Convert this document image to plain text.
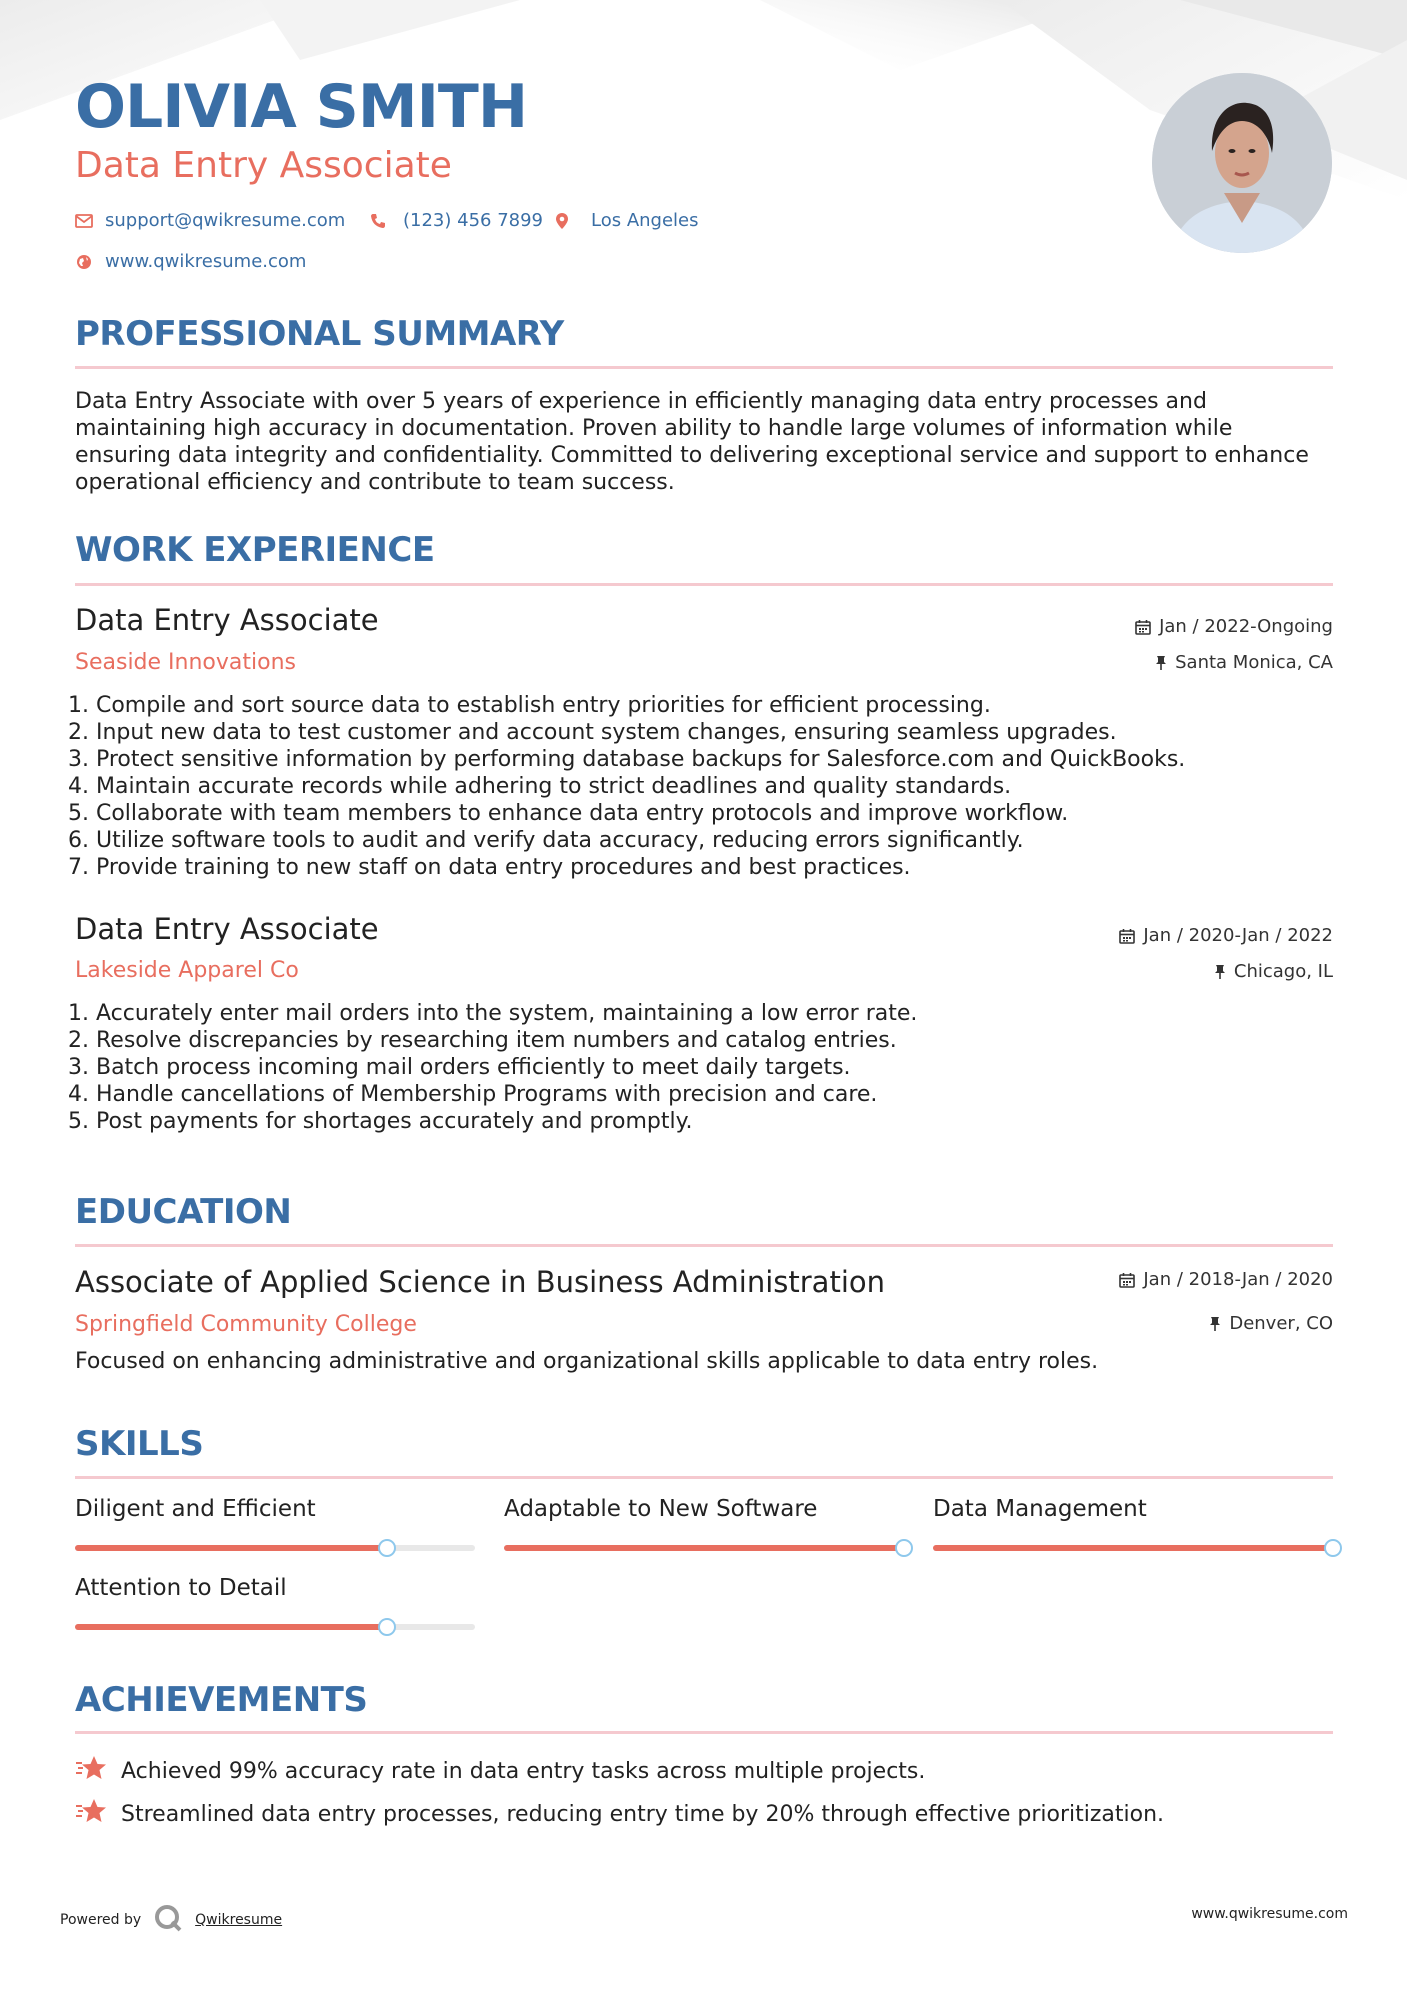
OLIVIA SMITH
Data Entry Associate
support@qwikresume.com	(123) 456 7899	Los Angeles
www.qwikresume.com
PROFESSIONAL SUMMARY
Data Entry Associate with over 5 years of experience in efficiently managing data entry processes and maintaining high accuracy in documentation. Proven ability to handle large volumes of information while ensuring data integrity and confidentiality. Committed to delivering exceptional service and support to enhance operational efficiency and contribute to team success.
WORK EXPERIENCE
Data Entry Associate
Seaside Innovations
Jan / 2022-Ongoing
Santa Monica, CA
1. Compile and sort source data to establish entry priorities for efficient processing.
2. Input new data to test customer and account system changes, ensuring seamless upgrades.
3. Protect sensitive information by performing database backups for Salesforce.com and QuickBooks.
4. Maintain accurate records while adhering to strict deadlines and quality standards.
5. Collaborate with team members to enhance data entry protocols and improve workflow.
6. Utilize software tools to audit and verify data accuracy, reducing errors significantly.
7. Provide training to new staff on data entry procedures and best practices.
Data Entry Associate
Lakeside Apparel Co
Jan / 2020-Jan / 2022
Chicago, IL
1. Accurately enter mail orders into the system, maintaining a low error rate.
2. Resolve discrepancies by researching item numbers and catalog entries.
3. Batch process incoming mail orders efficiently to meet daily targets.
4. Handle cancellations of Membership Programs with precision and care.
5. Post payments for shortages accurately and promptly.
EDUCATION
Associate of Applied Science in Business Administration
Springfield Community College
Jan / 2018-Jan / 2020
Denver, CO
Focused on enhancing administrative and organizational skills applicable to data entry roles.
SKILLS
Diligent and Efficient	Adaptable to New Software	Data Management
Attention to Detail
ACHIEVEMENTS
Achieved 99% accuracy rate in data entry tasks across multiple projects.
Streamlined data entry processes, reducing entry time by 20% through effective prioritization.
Powered by	Qwikresume	www.qwikresume.com
